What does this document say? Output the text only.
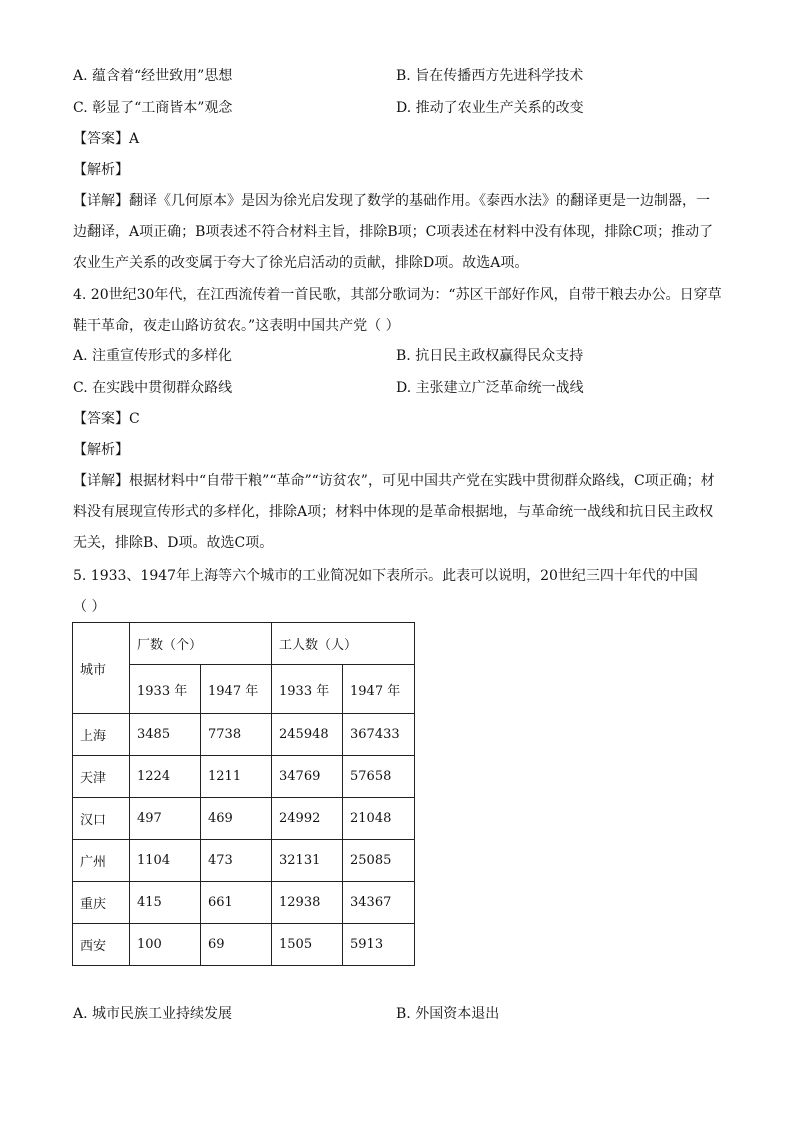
A. 蕴含着“经世致用”思想	B. 旨在传播西方先进科学技术
C. 彰显了“工商皆本”观念	D. 推动了农业生产关系的改变
【答案】A
【解析】
【详解】翻译《几何原本》是因为徐光启发现了数学的基础作用。《泰西水法》的翻译更是一边制器，一边翻译，A项正确；B项表述不符合材料主旨，排除B项；C项表述在材料中没有体现，排除C项；推动了农业生产关系的改变属于夸大了徐光启活动的贡献，排除D项。故选A项。
4. 20世纪30年代，在江西流传着一首民歌，其部分歌词为：“苏区干部好作风，自带干粮去办公。日穿草鞋干革命，夜走山路访贫农。”这表明中国共产党（ ）
A. 注重宣传形式的多样化	B. 抗日民主政权赢得民众支持
C. 在实践中贯彻群众路线	D. 主张建立广泛革命统一战线
【答案】C
【解析】
【详解】根据材料中“自带干粮”“革命”“访贫农”，可见中国共产党在实践中贯彻群众路线，C项正确；材料没有展现宣传形式的多样化，排除A项；材料中体现的是革命根据地，与革命统一战线和抗日民主政权无关，排除B、D项。故选C项。
5. 1933、1947年上海等六个城市的工业简况如下表所示。此表可以说明，20世纪三四十年代的中国
（ ）
城市	厂数（个）		工人数（人）	
	1933 年	1947 年	1933 年	1947 年
上海	3485	7738	245948	367433
天津	1224	1211	34769	57658
汉口	497	469	24992	21048
广州	1104	473	32131	25085
重庆	415	661	12938	34367
西安	100	69	1505	5913
A. 城市民族工业持续发展	B. 外国资本退出
